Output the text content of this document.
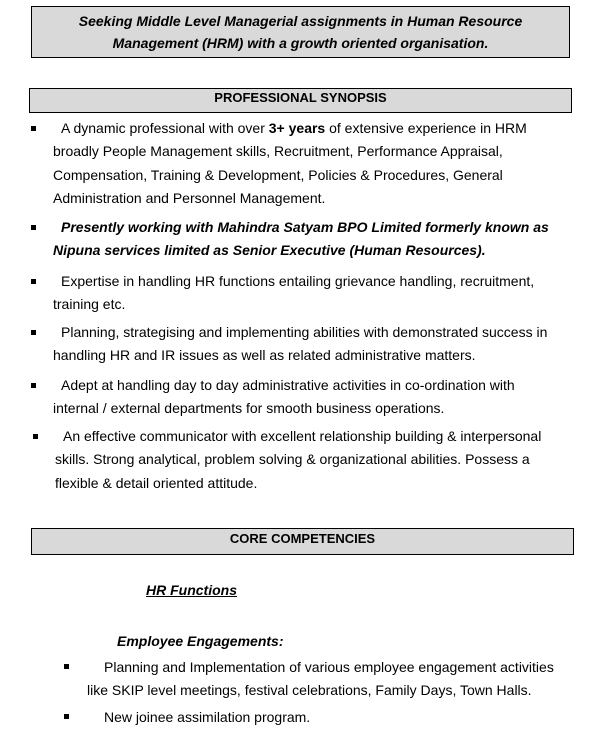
Seeking Middle Level Managerial assignments in Human Resource
Management (HRM) with a growth oriented organisation.
PROFESSIONAL SYNOPSIS
A dynamic professional with over 3+ years of extensive experience in HRM
broadly People Management skills, Recruitment, Performance Appraisal,
Compensation, Training & Development, Policies & Procedures, General
Administration and Personnel Management.
Presently working with Mahindra Satyam BPO Limited formerly known as
Nipuna services limited as Senior Executive (Human Resources).
Expertise in handling HR functions entailing grievance handling, recruitment,
training etc.
Planning, strategising and implementing abilities with demonstrated success in
handling HR and IR issues as well as related administrative matters.
Adept at handling day to day administrative activities in co-ordination with
internal / external departments for smooth business operations.
An effective communicator with excellent relationship building & interpersonal
skills. Strong analytical, problem solving & organizational abilities. Possess a
flexible & detail oriented attitude.
CORE COMPETENCIES
HR Functions
Employee Engagements:
Planning and Implementation of various employee engagement activities
like SKIP level meetings, festival celebrations, Family Days, Town Halls.
New joinee assimilation program.
